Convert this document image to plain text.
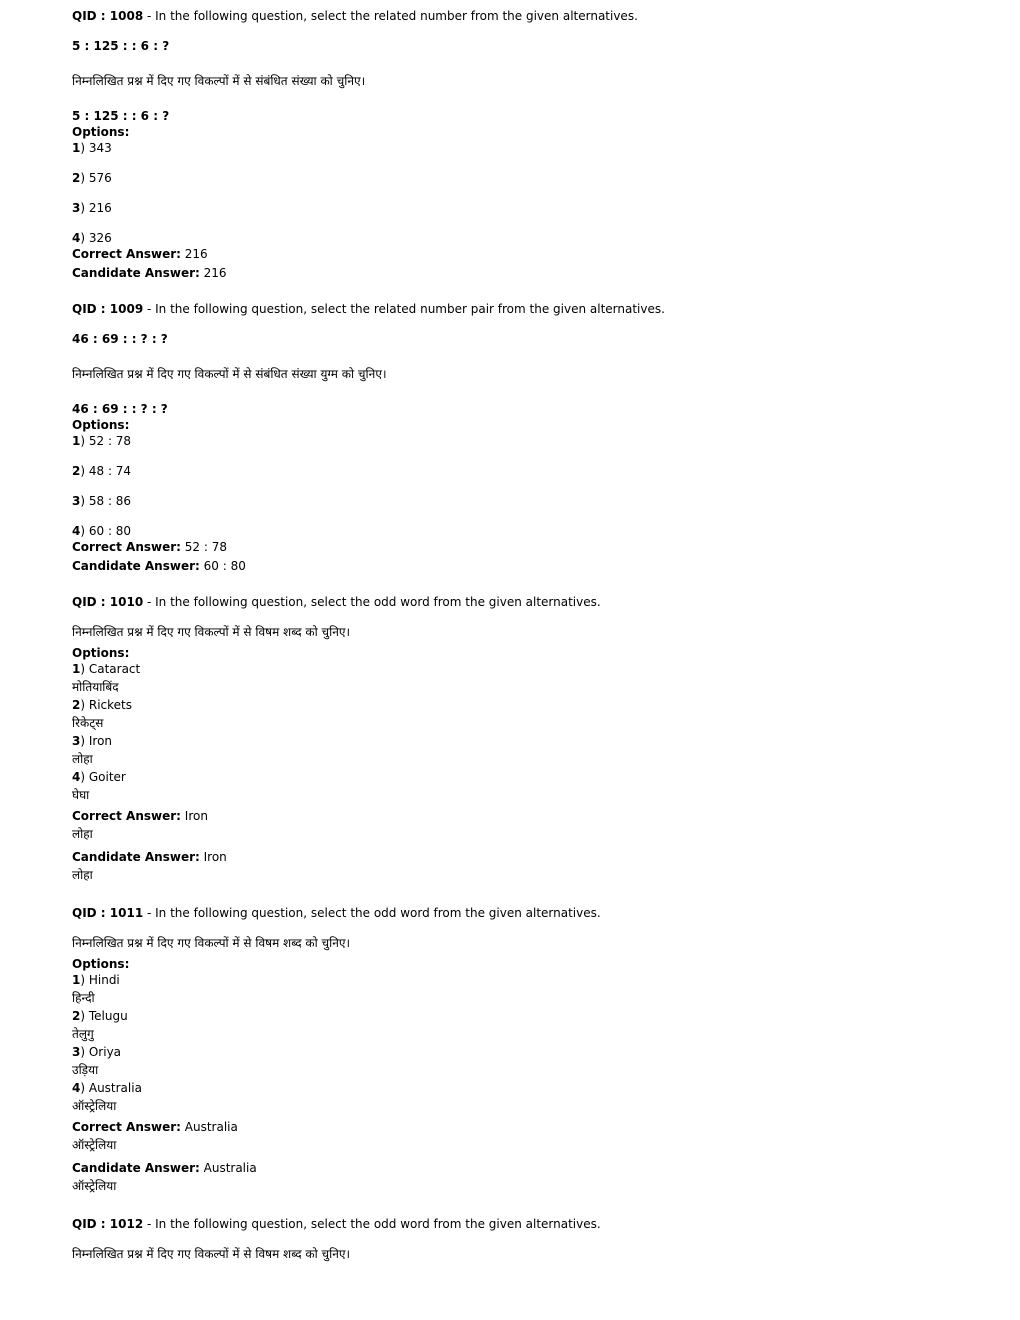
QID : 1008 - In the following question, select the related number from the given alternatives.
5 : 125 : : 6 : ?
निम्नलिखित प्रश्न में दिए गए विकल्पों में से संबंधित संख्या को चुनिए।
5 : 125 : : 6 : ?
Options:
1) 343
2) 576
3) 216
4) 326
Correct Answer: 216
Candidate Answer: 216
QID : 1009 - In the following question, select the related number pair from the given alternatives.
46 : 69 : : ? : ?
निम्नलिखित प्रश्न में दिए गए विकल्पों में से संबंधित संख्या युग्म को चुनिए।
46 : 69 : : ? : ?
Options:
1) 52 : 78
2) 48 : 74
3) 58 : 86
4) 60 : 80
Correct Answer: 52 : 78
Candidate Answer: 60 : 80
QID : 1010 - In the following question, select the odd word from the given alternatives.
निम्नलिखित प्रश्न में दिए गए विकल्पों में से विषम शब्द को चुनिए।
Options:
1) Cataract
मोतियाबिंद
2) Rickets
रिकेट्स
3) Iron
लोहा
4) Goiter
घेघा
Correct Answer: Iron
लोहा
Candidate Answer: Iron
लोहा
QID : 1011 - In the following question, select the odd word from the given alternatives.
निम्नलिखित प्रश्न में दिए गए विकल्पों में से विषम शब्द को चुनिए।
Options:
1) Hindi
हिन्दी
2) Telugu
तेलुगु
3) Oriya
उड़िया
4) Australia
ऑस्ट्रेलिया
Correct Answer: Australia
ऑस्ट्रेलिया
Candidate Answer: Australia
ऑस्ट्रेलिया
QID : 1012 - In the following question, select the odd word from the given alternatives.
निम्नलिखित प्रश्न में दिए गए विकल्पों में से विषम शब्द को चुनिए।
